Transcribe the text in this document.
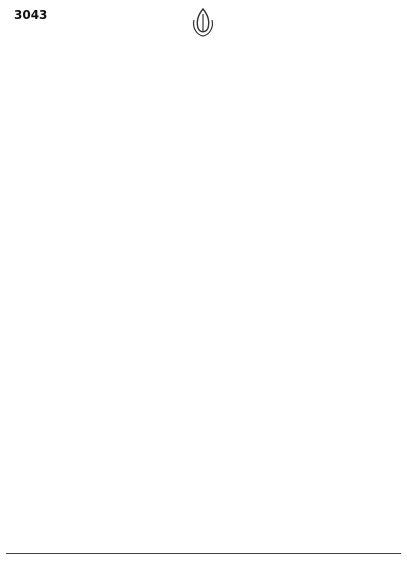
3043
